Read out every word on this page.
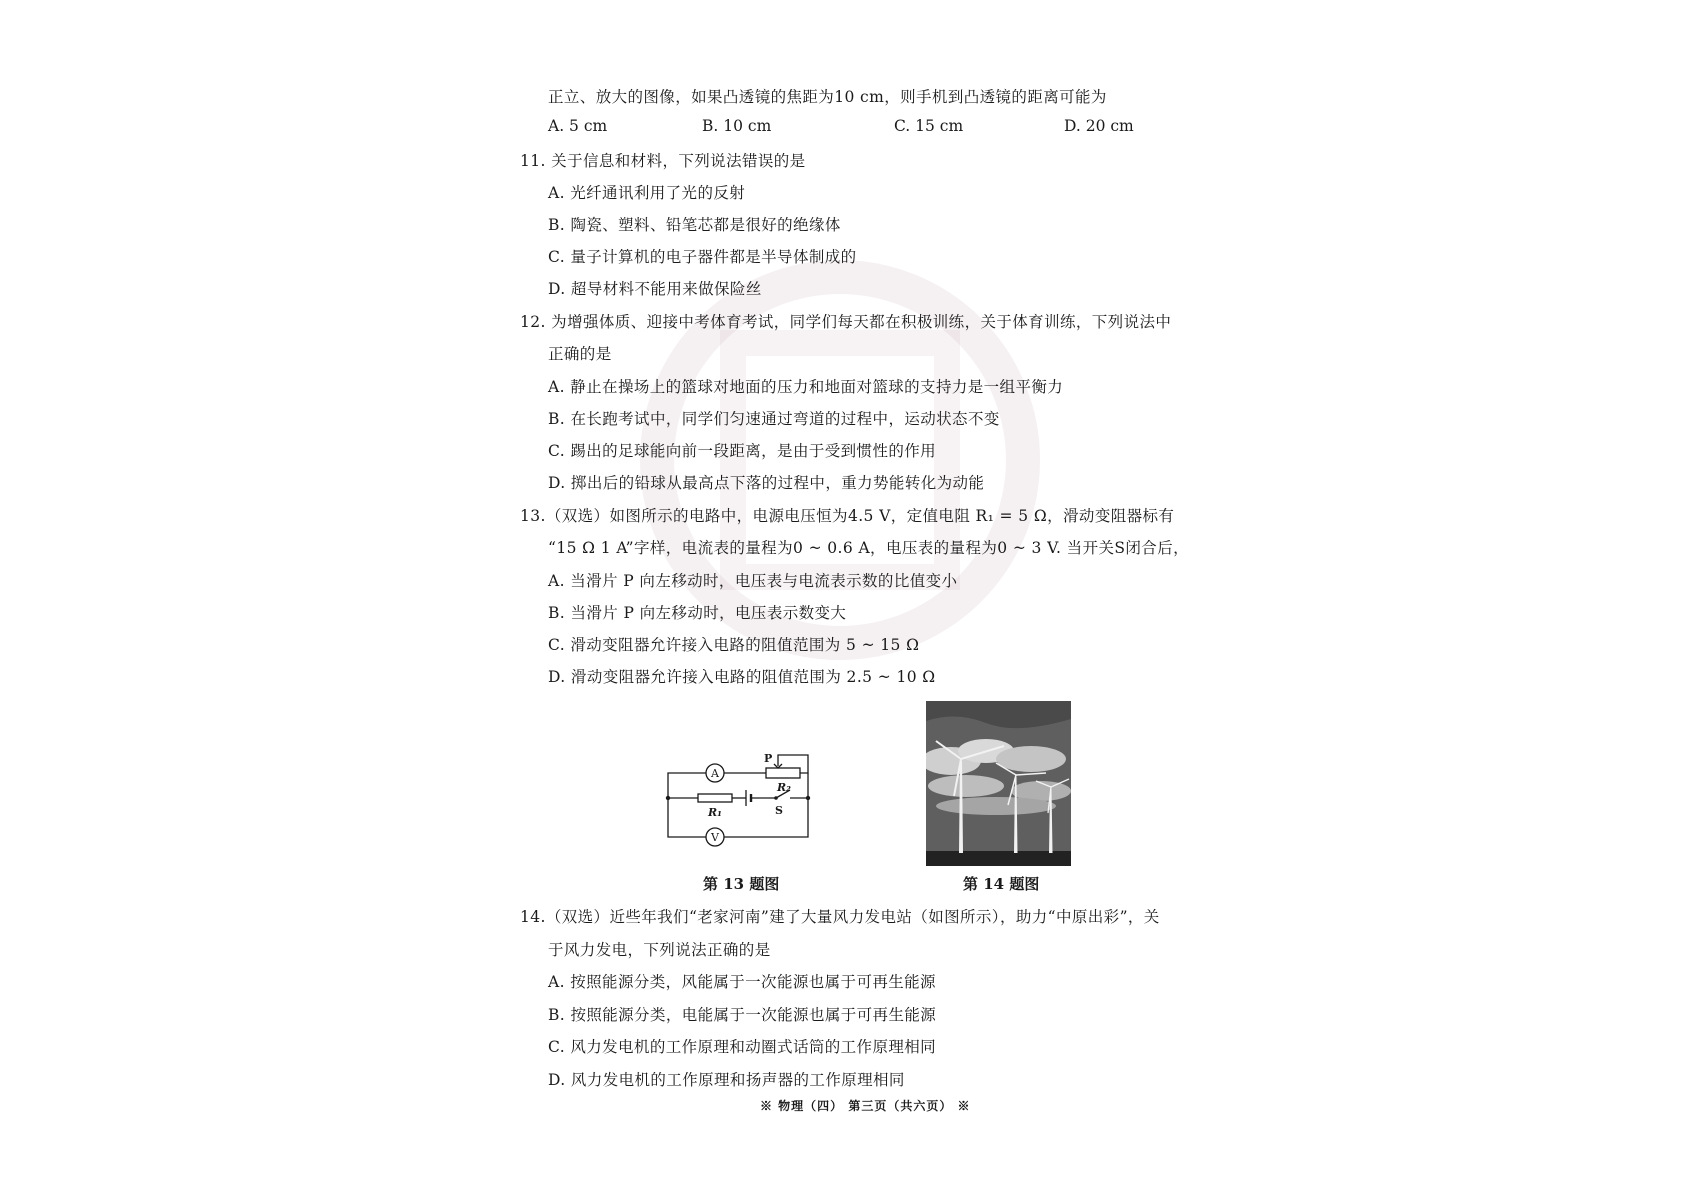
正立、放大的图像，如果凸透镜的焦距为10 cm，则手机到凸透镜的距离可能为
A. 5 cm	B. 10 cm	C. 15 cm	D. 20 cm
11. 关于信息和材料，下列说法错误的是
A. 光纤通讯利用了光的反射
B. 陶瓷、塑料、铅笔芯都是很好的绝缘体
C. 量子计算机的电子器件都是半导体制成的
D. 超导材料不能用来做保险丝
12. 为增强体质、迎接中考体育考试，同学们每天都在积极训练，关于体育训练，下列说法中
正确的是
A. 静止在操场上的篮球对地面的压力和地面对篮球的支持力是一组平衡力
B. 在长跑考试中，同学们匀速通过弯道的过程中，运动状态不变
C. 踢出的足球能向前一段距离，是由于受到惯性的作用
D. 掷出后的铅球从最高点下落的过程中，重力势能转化为动能
13.（双选）如图所示的电路中，电源电压恒为4.5 V，定值电阻 R₁ = 5 Ω，滑动变阻器标有
“15 Ω 1 A”字样，电流表的量程为0 ~ 0.6 A，电压表的量程为0 ~ 3 V. 当开关S闭合后，
A. 当滑片 P 向左移动时，电压表与电流表示数的比值变小
B. 当滑片 P 向左移动时，电压表示数变大
C. 滑动变阻器允许接入电路的阻值范围为 5 ~ 15 Ω
D. 滑动变阻器允许接入电路的阻值范围为 2.5 ~ 10 Ω
A
V
P
R₂
R₁	S
第 13 题图	第 14 题图
14.（双选）近些年我们“老家河南”建了大量风力发电站（如图所示），助力“中原出彩”，关
于风力发电，下列说法正确的是
A. 按照能源分类，风能属于一次能源也属于可再生能源
B. 按照能源分类，电能属于一次能源也属于可再生能源
C. 风力发电机的工作原理和动圈式话筒的工作原理相同
D. 风力发电机的工作原理和扬声器的工作原理相同
※ 物理（四） 第三页（共六页） ※
